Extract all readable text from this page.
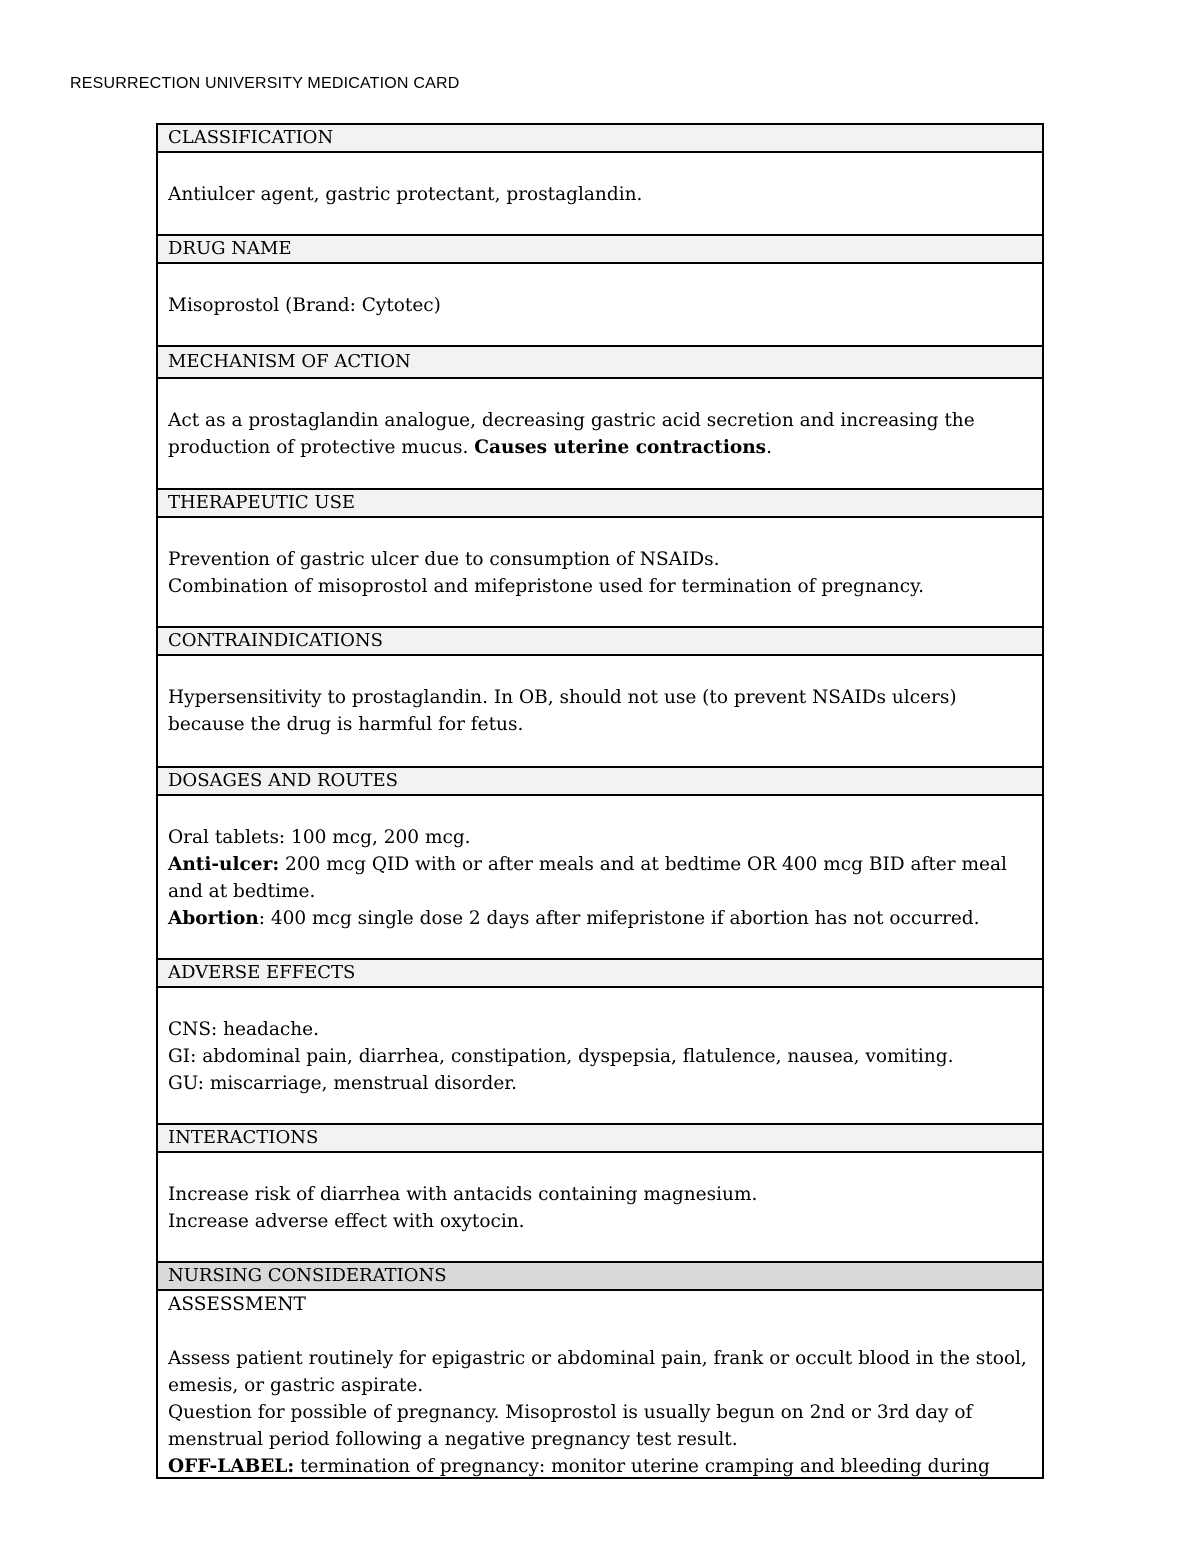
RESURRECTION UNIVERSITY MEDICATION CARD
CLASSIFICATION

Antiulcer agent, gastric protectant, prostaglandin.

DRUG NAME

Misoprostol (Brand: Cytotec)

MECHANISM OF ACTION

Act as a prostaglandin analogue, decreasing gastric acid secretion and increasing the production of protective mucus. Causes uterine contractions.

THERAPEUTIC USE

Prevention of gastric ulcer due to consumption of NSAIDs.

Combination of misoprostol and mifepristone used for termination of pregnancy.

CONTRAINDICATIONS

Hypersensitivity to prostaglandin. In OB, should not use (to prevent NSAIDs ulcers) because the drug is harmful for fetus.

DOSAGES AND ROUTES

Oral tablets: 100 mcg, 200 mcg.

Anti-ulcer: 200 mcg QID with or after meals and at bedtime OR 400 mcg BID after meal and at bedtime.

Abortion: 400 mcg single dose 2 days after mifepristone if abortion has not occurred.

ADVERSE EFFECTS

CNS: headache.

GI: abdominal pain, diarrhea, constipation, dyspepsia, flatulence, nausea, vomiting.

GU: miscarriage, menstrual disorder.

INTERACTIONS

Increase risk of diarrhea with antacids containing magnesium.

Increase adverse effect with oxytocin.

NURSING CONSIDERATIONS

ASSESSMENT

Assess patient routinely for epigastric or abdominal pain, frank or occult blood in the stool, emesis, or gastric aspirate.

Question for possible of pregnancy. Misoprostol is usually begun on 2nd or 3rd day of menstrual period following a negative pregnancy test result.

OFF-LABEL: termination of pregnancy: monitor uterine cramping and bleeding during
